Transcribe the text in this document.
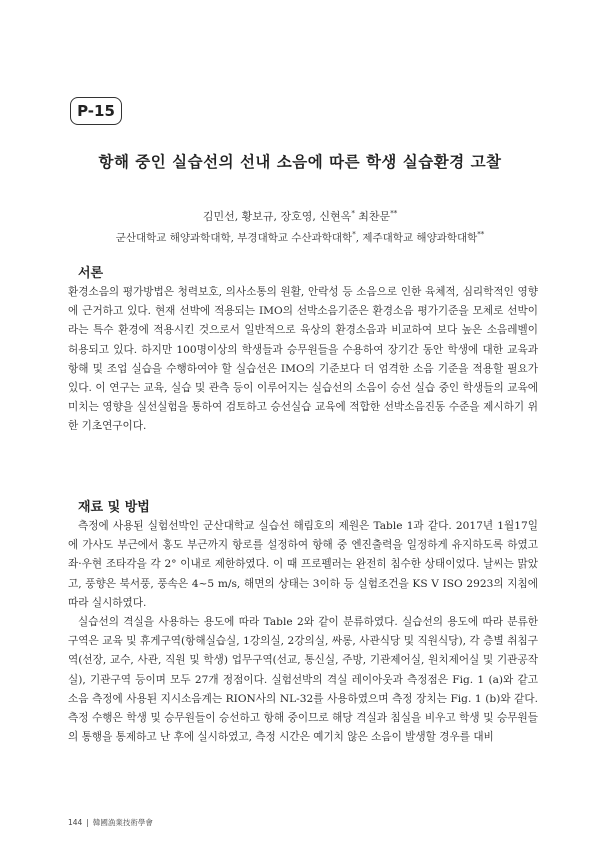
P-15
항해 중인 실습선의 선내 소음에 따른 학생 실습환경 고찰
김민선, 황보규, 장호영, 신현옥* 최찬문**
군산대학교 해양과학대학, 부경대학교 수산과학대학*, 제주대학교 해양과학대학**
서론

환경소음의 평가방법은 청력보호, 의사소통의 원활, 안락성 등 소음으로 인한 육체적, 심리학적인 영향에 근거하고 있다. 현재 선박에 적용되는 IMO의 선박소음기준은 환경소음 평가기준을 모체로 선박이라는 특수 환경에 적용시킨 것으로서 일반적으로 육상의 환경소음과 비교하여 보다 높은 소음레벨이 허용되고 있다. 하지만 100명이상의 학생들과 승무원들을 수용하여 장기간 동안 학생에 대한 교육과 항해 및 조업 실습을 수행하여야 할 실습선은 IMO의 기준보다 더 엄격한 소음 기준을 적용할 필요가 있다. 이 연구는 교육, 실습 및 관측 등이 이루어지는 실습선의 소음이 승선 실습 중인 학생들의 교육에 미치는 영향을 실선실험을 통하여 검토하고 승선실습 교육에 적합한 선박소음진동 수준을 제시하기 위한 기초연구이다.

재료 및 방법

측정에 사용된 실험선박인 군산대학교 실습선 해림호의 제원은 Table 1과 같다. 2017년 1월17일에 가사도 부근에서 홍도 부근까지 항로를 설정하여 항해 중 엔진출력을 일정하게 유지하도록 하였고 좌·우현 조타각을 각 2° 이내로 제한하였다. 이 때 프로펠러는 완전히 침수한 상태이었다. 날씨는 맑았고, 풍향은 북서풍, 풍속은 4~5 m/s, 해면의 상태는 3이하 등 실험조건을 KS V ISO 2923의 지침에 따라 실시하였다.

실습선의 격실을 사용하는 용도에 따라 Table 2와 같이 분류하였다. 실습선의 용도에 따라 분류한 구역은 교육 및 휴게구역(항해실습실, 1강의실, 2강의실, 싸롱, 사관식당 및 직원식당), 각 층별 취침구역(선장, 교수, 사관, 직원 및 학생) 업무구역(선교, 통신실, 주방, 기관제어실, 원치제어실 및 기관공작실), 기관구역 등이며 모두 27개 정점이다. 실험선박의 격실 레이아웃과 측정점은 Fig. 1 (a)와 같고 소음 측정에 사용된 지시소음계는 RION사의 NL-32를 사용하였으며 측정 장치는 Fig. 1 (b)와 같다. 측정 수행은 학생 및 승무원들이 승선하고 항해 중이므로 해당 격실과 침실을 비우고 학생 및 승무원들의 통행을 통제하고 난 후에 실시하였고, 측정 시간은 예기치 않은 소음이 발생할 경우를 대비

144 | 韓國漁業技術學會
